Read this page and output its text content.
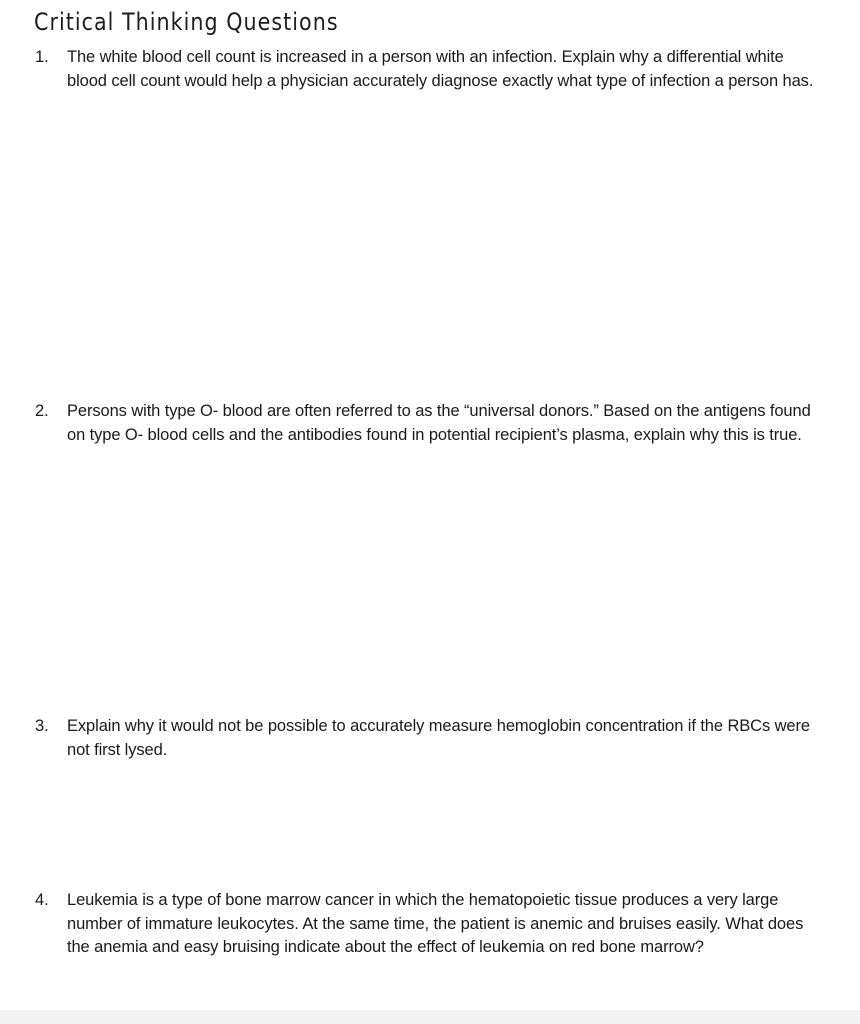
Critical Thinking Questions
1.	The white blood cell count is increased in a person with an infection. Explain why a differential white blood cell count would help a physician accurately diagnose exactly what type of infection a person has.
2.	Persons with type O- blood are often referred to as the “universal donors.” Based on the antigens found on type O- blood cells and the antibodies found in potential recipient’s plasma, explain why this is true.
3.	Explain why it would not be possible to accurately measure hemoglobin concentration if the RBCs were not first lysed.
4.	Leukemia is a type of bone marrow cancer in which the hematopoietic tissue produces a very large number of immature leukocytes. At the same time, the patient is anemic and bruises easily. What does the anemia and easy bruising indicate about the effect of leukemia on red bone marrow?
